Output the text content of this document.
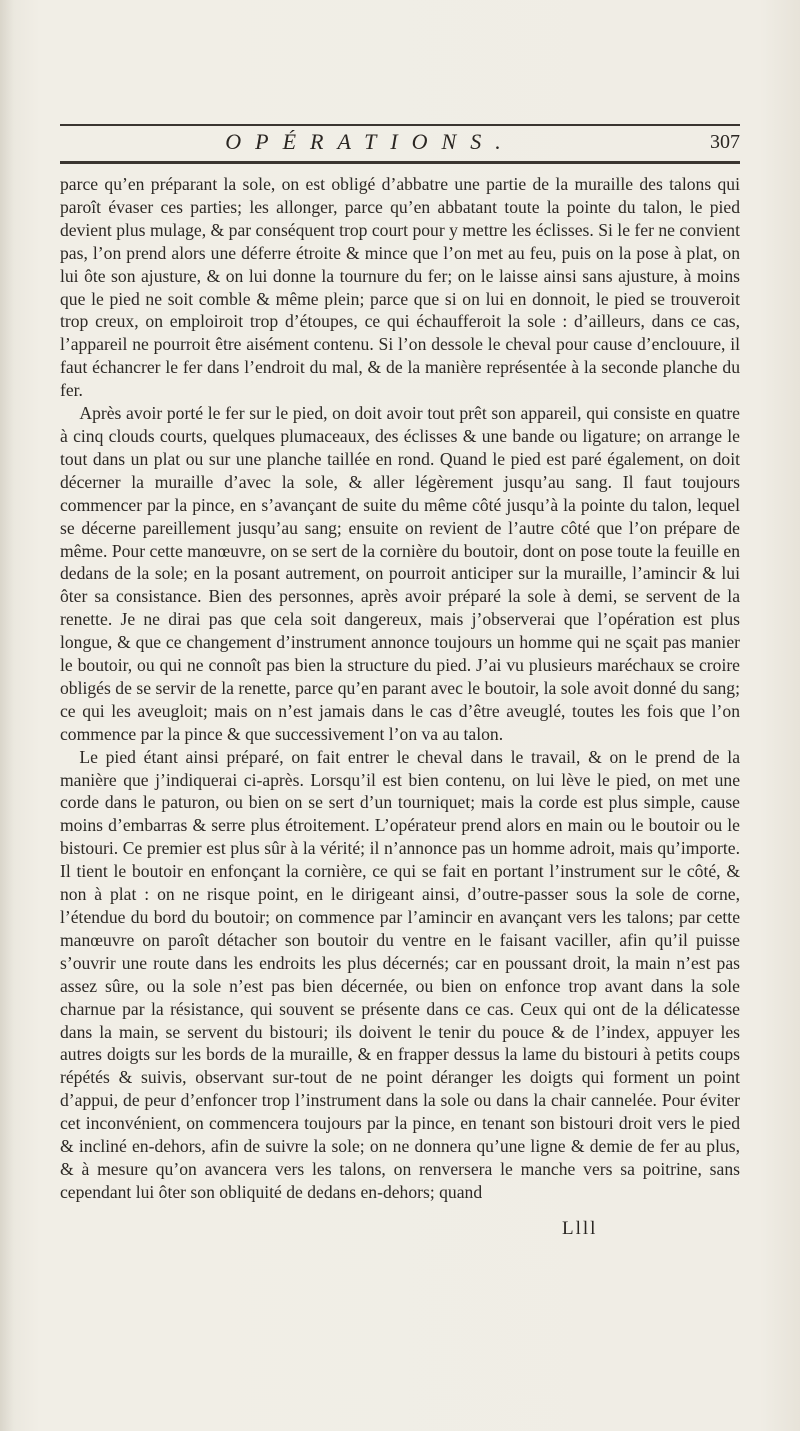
OPÉRATIONS.	307

parce qu’en préparant la sole, on est obligé d’abbatre une partie de la muraille des talons qui paroît évaser ces parties; les allonger, parce qu’en abbatant toute la pointe du talon, le pied devient plus mulage, & par conséquent trop court pour y mettre les éclisses. Si le fer ne convient pas, l’on prend alors une déferre étroite & mince que l’on met au feu, puis on la pose à plat, on lui ôte son ajusture, & on lui donne la tournure du fer; on le laisse ainsi sans ajusture, à moins que le pied ne soit comble & même plein; parce que si on lui en donnoit, le pied se trouveroit trop creux, on emploiroit trop d’étoupes, ce qui échaufferoit la sole : d’ailleurs, dans ce cas, l’appareil ne pourroit être aisément contenu. Si l’on dessole le cheval pour cause d’enclouure, il faut échancrer le fer dans l’endroit du mal, & de la manière représentée à la seconde planche du fer.

Après avoir porté le fer sur le pied, on doit avoir tout prêt son appareil, qui consiste en quatre à cinq clouds courts, quelques plumaceaux, des éclisses & une bande ou ligature; on arrange le tout dans un plat ou sur une planche taillée en rond. Quand le pied est paré également, on doit décerner la muraille d’avec la sole, & aller légèrement jusqu’au sang. Il faut toujours commencer par la pince, en s’avançant de suite du même côté jusqu’à la pointe du talon, lequel se décerne pareillement jusqu’au sang; ensuite on revient de l’autre côté que l’on prépare de même. Pour cette manœuvre, on se sert de la cornière du boutoir, dont on pose toute la feuille en dedans de la sole; en la posant autrement, on pourroit anticiper sur la muraille, l’amincir & lui ôter sa consistance. Bien des personnes, après avoir préparé la sole à demi, se servent de la renette. Je ne dirai pas que cela soit dangereux, mais j’observerai que l’opération est plus longue, & que ce changement d’instrument annonce toujours un homme qui ne sçait pas manier le boutoir, ou qui ne connoît pas bien la structure du pied. J’ai vu plusieurs maréchaux se croire obligés de se servir de la renette, parce qu’en parant avec le boutoir, la sole avoit donné du sang; ce qui les aveugloit; mais on n’est jamais dans le cas d’être aveuglé, toutes les fois que l’on commence par la pince & que successivement l’on va au talon.

Le pied étant ainsi préparé, on fait entrer le cheval dans le travail, & on le prend de la manière que j’indiquerai ci-après. Lorsqu’il est bien contenu, on lui lève le pied, on met une corde dans le paturon, ou bien on se sert d’un tourniquet; mais la corde est plus simple, cause moins d’embarras & serre plus étroitement. L’opérateur prend alors en main ou le boutoir ou le bistouri. Ce premier est plus sûr à la vérité; il n’annonce pas un homme adroit, mais qu’importe. Il tient le boutoir en enfonçant la cornière, ce qui se fait en portant l’instrument sur le côté, & non à plat : on ne risque point, en le dirigeant ainsi, d’outre-passer sous la sole de corne, l’étendue du bord du boutoir; on commence par l’amincir en avançant vers les talons; par cette manœuvre on paroît détacher son boutoir du ventre en le faisant vaciller, afin qu’il puisse s’ouvrir une route dans les endroits les plus décernés; car en poussant droit, la main n’est pas assez sûre, ou la sole n’est pas bien décernée, ou bien on enfonce trop avant dans la sole charnue par la résistance, qui souvent se présente dans ce cas. Ceux qui ont de la délicatesse dans la main, se servent du bistouri; ils doivent le tenir du pouce & de l’index, appuyer les autres doigts sur les bords de la muraille, & en frapper dessus la lame du bistouri à petits coups répétés & suivis, observant sur-tout de ne point déranger les doigts qui forment un point d’appui, de peur d’enfoncer trop l’instrument dans la sole ou dans la chair cannelée. Pour éviter cet inconvénient, on commencera toujours par la pince, en tenant son bistouri droit vers le pied & incliné en-dehors, afin de suivre la sole; on ne donnera qu’une ligne & demie de fer au plus, & à mesure qu’on avancera vers les talons, on renversera le manche vers sa poitrine, sans cependant lui ôter son obliquité de dedans en-dehors; quand

Llll
